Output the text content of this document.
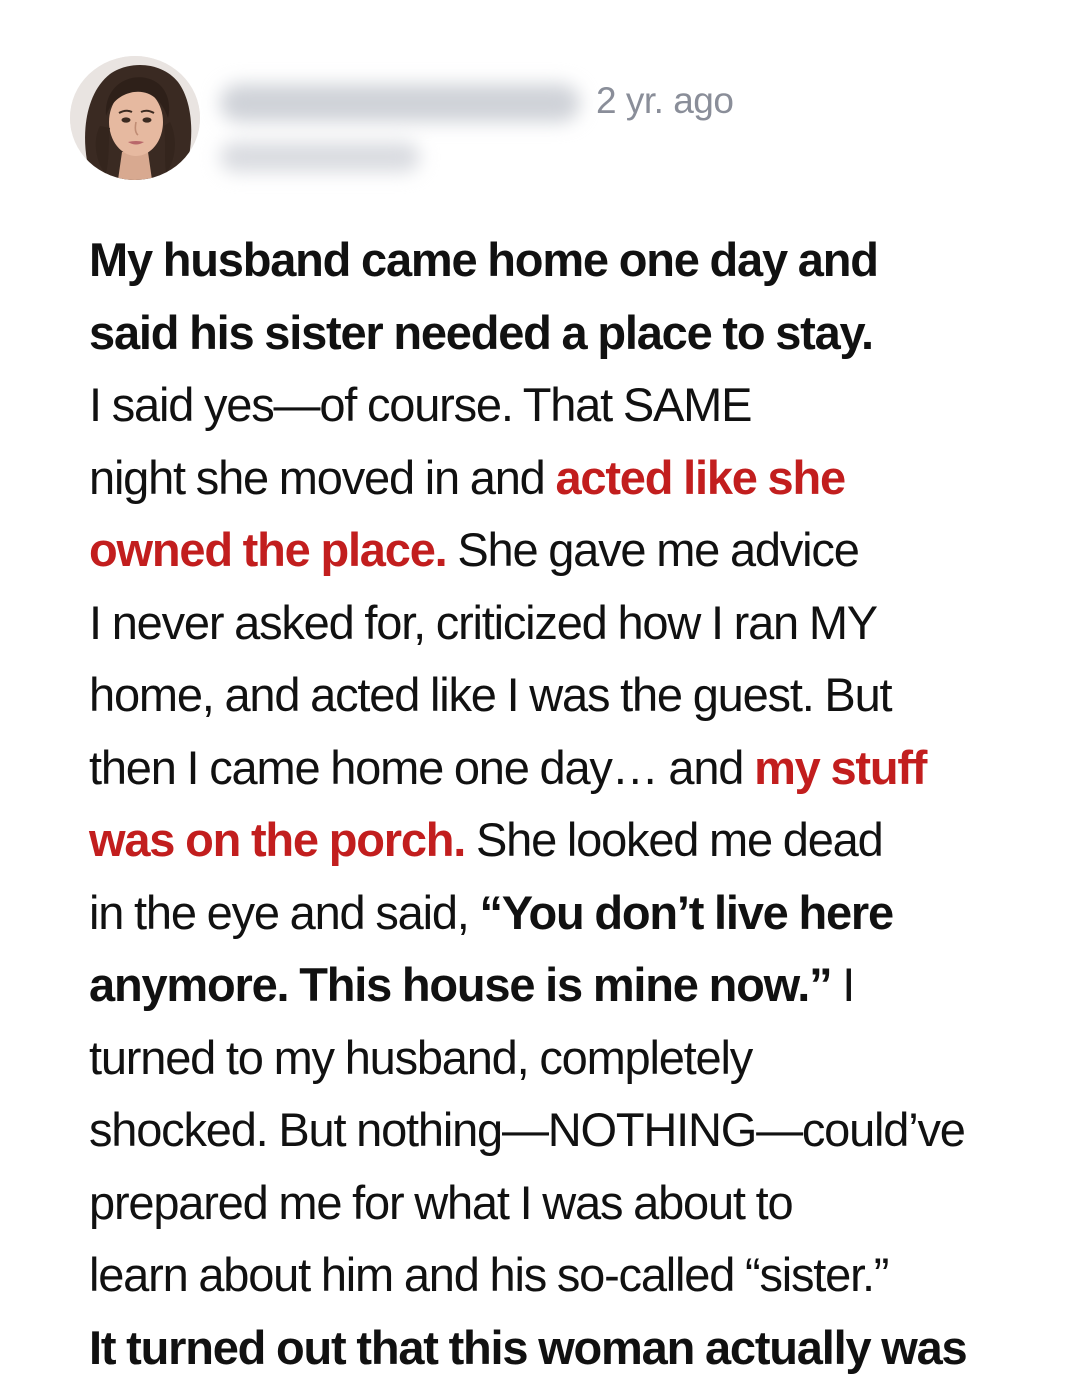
2 yr. ago
My husband came home one day and
said his sister needed a place to stay.
I said yes—of course. That SAME
night she moved in and acted like she
owned the place. She gave me advice
I never asked for, criticized how I ran MY
home, and acted like I was the guest. But
then I came home one day… and my stuff
was on the porch. She looked me dead
in the eye and said, “You don’t live here
anymore. This house is mine now.” I
turned to my husband, completely
shocked. But nothing—NOTHING—could’ve
prepared me for what I was about to
learn about him and his so-called “sister.”
It turned out that this woman actually was
